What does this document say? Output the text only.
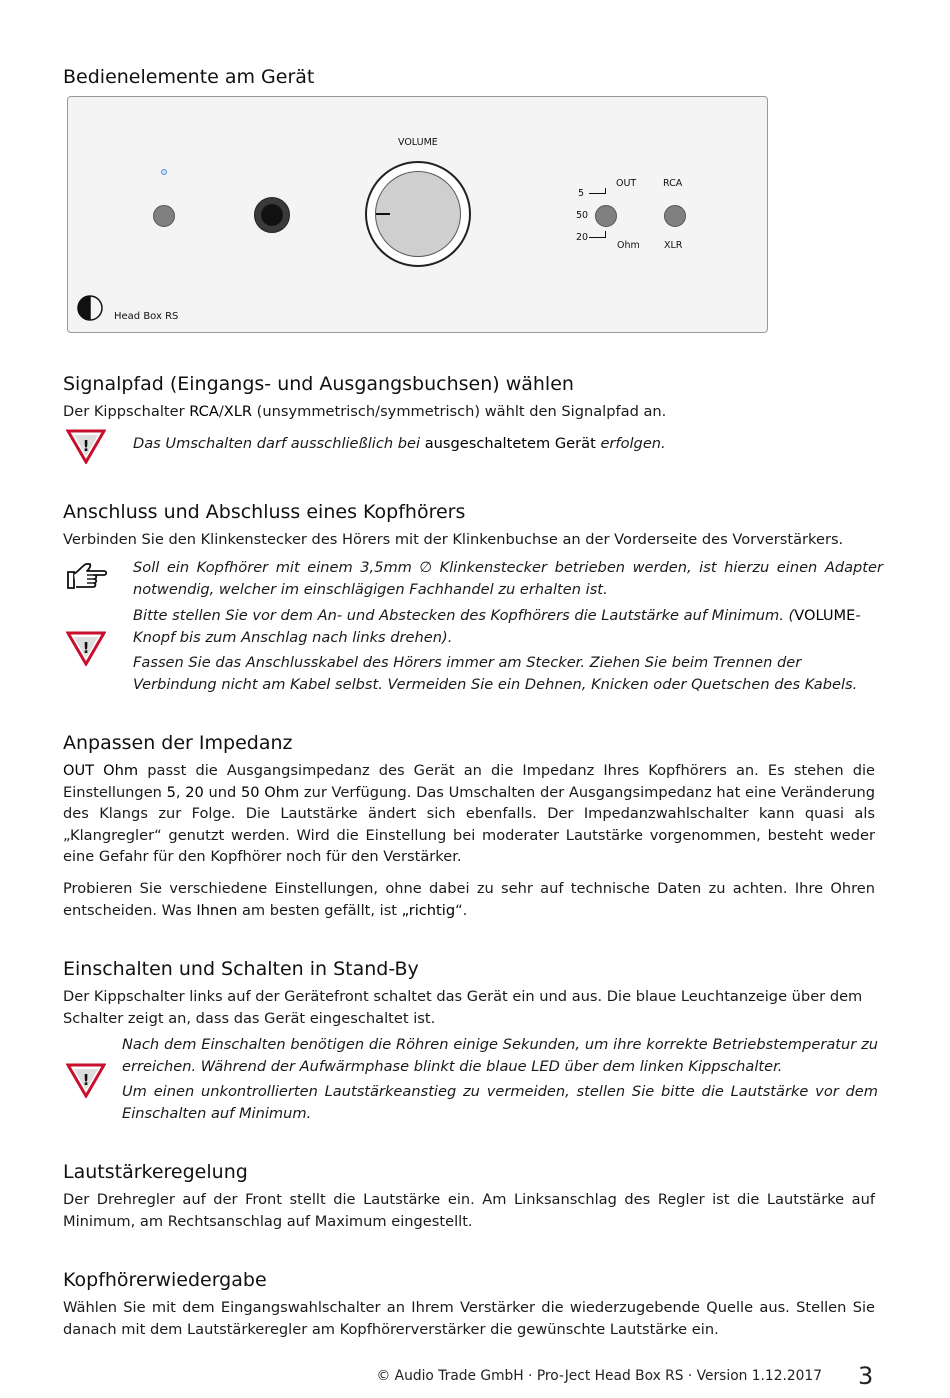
Bedienelemente am Gerät
VOLUME
5
50
20
OUT
Ohm
RCA
XLR
Head Box RS
Signalpfad (Eingangs- und Ausgangsbuchsen) wählen

Der Kippschalter RCA/XLR (unsymmetrisch/symmetrisch) wählt den Signalpfad an.

!	Das Umschalten darf ausschließlich bei ausgeschaltetem Gerät erfolgen.

Anschluss und Abschluss eines Kopfhörers

Verbinden Sie den Klinkenstecker des Hörers mit der Klinkenbuchse an der Vorderseite des Vorverstärkers.

Soll ein Kopfhörer mit einem 3,5mm ∅ Klinkenstecker betrieben werden, ist hierzu einen Adapter notwendig, welcher im einschlägigen Fachhandel zu erhalten ist.

!

Bitte stellen Sie vor dem An- und Abstecken des Kopfhörers die Lautstärke auf Minimum. (VOLUME-Knopf bis zum Anschlag nach links drehen).

Fassen Sie das Anschlusskabel des Hörers immer am Stecker. Ziehen Sie beim Trennen der Verbindung nicht am Kabel selbst. Vermeiden Sie ein Dehnen, Knicken oder Quetschen des Kabels.

Anpassen der Impedanz

OUT Ohm passt die Ausgangsimpedanz des Gerät an die Impedanz Ihres Kopfhörers an. Es stehen die Einstellungen 5, 20 und 50 Ohm zur Verfügung. Das Umschalten der Ausgangsimpedanz hat eine Veränderung des Klangs zur Folge. Die Lautstärke ändert sich ebenfalls. Der Impedanzwahlschalter kann quasi als „Klangregler“ genutzt werden. Wird die Einstellung bei moderater Lautstärke vorgenommen, besteht weder eine Gefahr für den Kopfhörer noch für den Verstärker.

Probieren Sie verschiedene Einstellungen, ohne dabei zu sehr auf technische Daten zu achten. Ihre Ohren entscheiden. Was Ihnen am besten gefällt, ist „richtig“.

Einschalten und Schalten in Stand-By

Der Kippschalter links auf der Gerätefront schaltet das Gerät ein und aus. Die blaue Leuchtanzeige über dem Schalter zeigt an, dass das Gerät eingeschaltet ist.

!

Nach dem Einschalten benötigen die Röhren einige Sekunden, um ihre korrekte Betriebstemperatur zu erreichen. Während der Aufwärmphase blinkt die blaue LED über dem linken Kippschalter.

Um einen unkontrollierten Lautstärkeanstieg zu vermeiden, stellen Sie bitte die Lautstärke vor dem Einschalten auf Minimum.

Lautstärkeregelung

Der Drehregler auf der Front stellt die Lautstärke ein. Am Linksanschlag des Regler ist die Lautstärke auf Minimum, am Rechtsanschlag auf Maximum eingestellt.

Kopfhörerwiedergabe

Wählen Sie mit dem Eingangswahlschalter an Ihrem Verstärker die wiederzugebende Quelle aus. Stellen Sie danach mit dem Lautstärkeregler am Kopfhörerverstärker die gewünschte Lautstärke ein.

© Audio Trade GmbH · Pro-Ject Head Box RS · Version 1.12.2017 3
